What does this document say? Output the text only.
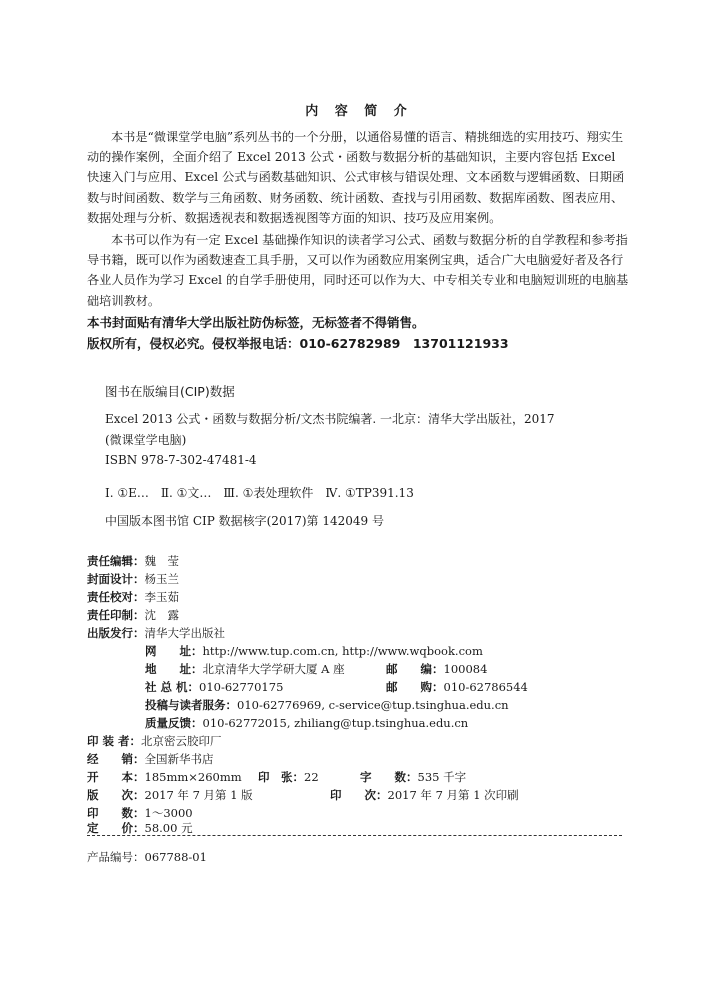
内 容 简 介
本书是“微课堂学电脑”系列丛书的一个分册，以通俗易懂的语言、精挑细选的实用技巧、翔实生动的操作案例，全面介绍了 Excel 2013 公式・函数与数据分析的基础知识，主要内容包括 Excel 快速入门与应用、Excel 公式与函数基础知识、公式审核与错误处理、文本函数与逻辑函数、日期函数与时间函数、数学与三角函数、财务函数、统计函数、查找与引用函数、数据库函数、图表应用、数据处理与分析、数据透视表和数据透视图等方面的知识、技巧及应用案例。
本书可以作为有一定 Excel 基础操作知识的读者学习公式、函数与数据分析的自学教程和参考指导书籍，既可以作为函数速查工具手册，又可以作为函数应用案例宝典，适合广大电脑爱好者及各行各业人员作为学习 Excel 的自学手册使用，同时还可以作为大、中专相关专业和电脑短训班的电脑基础培训教材。
本书封面贴有清华大学出版社防伪标签，无标签者不得销售。
版权所有，侵权必究。侵权举报电话：010-62782989　13701121933
图书在版编目(CIP)数据
Excel 2013 公式・函数与数据分析/文杰书院编著. 一北京：清华大学出版社，2017
(微课堂学电脑)
ISBN 978-7-302-47481-4
Ⅰ. ①E…　Ⅱ. ①文…　Ⅲ. ①表处理软件　Ⅳ. ①TP391.13
中国版本图书馆 CIP 数据核字(2017)第 142049 号
责任编辑：魏　莹
封面设计：杨玉兰
责任校对：李玉茹
责任印制：沈　露
出版发行：清华大学出版社
网　　址：http://www.tup.com.cn, http://www.wqbook.com
地　　址：北京清华大学学研大厦 A 座	邮　　编：100084
社 总 机：010-62770175	邮　　购：010-62786544
投稿与读者服务：010-62776969, c-service@tup.tsinghua.edu.cn
质量反馈：010-62772015, zhiliang@tup.tsinghua.edu.cn
印 装 者：北京密云胶印厂
经　　销：全国新华书店
开　　本：185mm×260mm 印　张：22	字　　数：535 千字
版　　次：2017 年 7 月第 1 版	印　　次：2017 年 7 月第 1 次印刷
印　　数：1～3000
定　　价：58.00 元
产品编号：067788-01
